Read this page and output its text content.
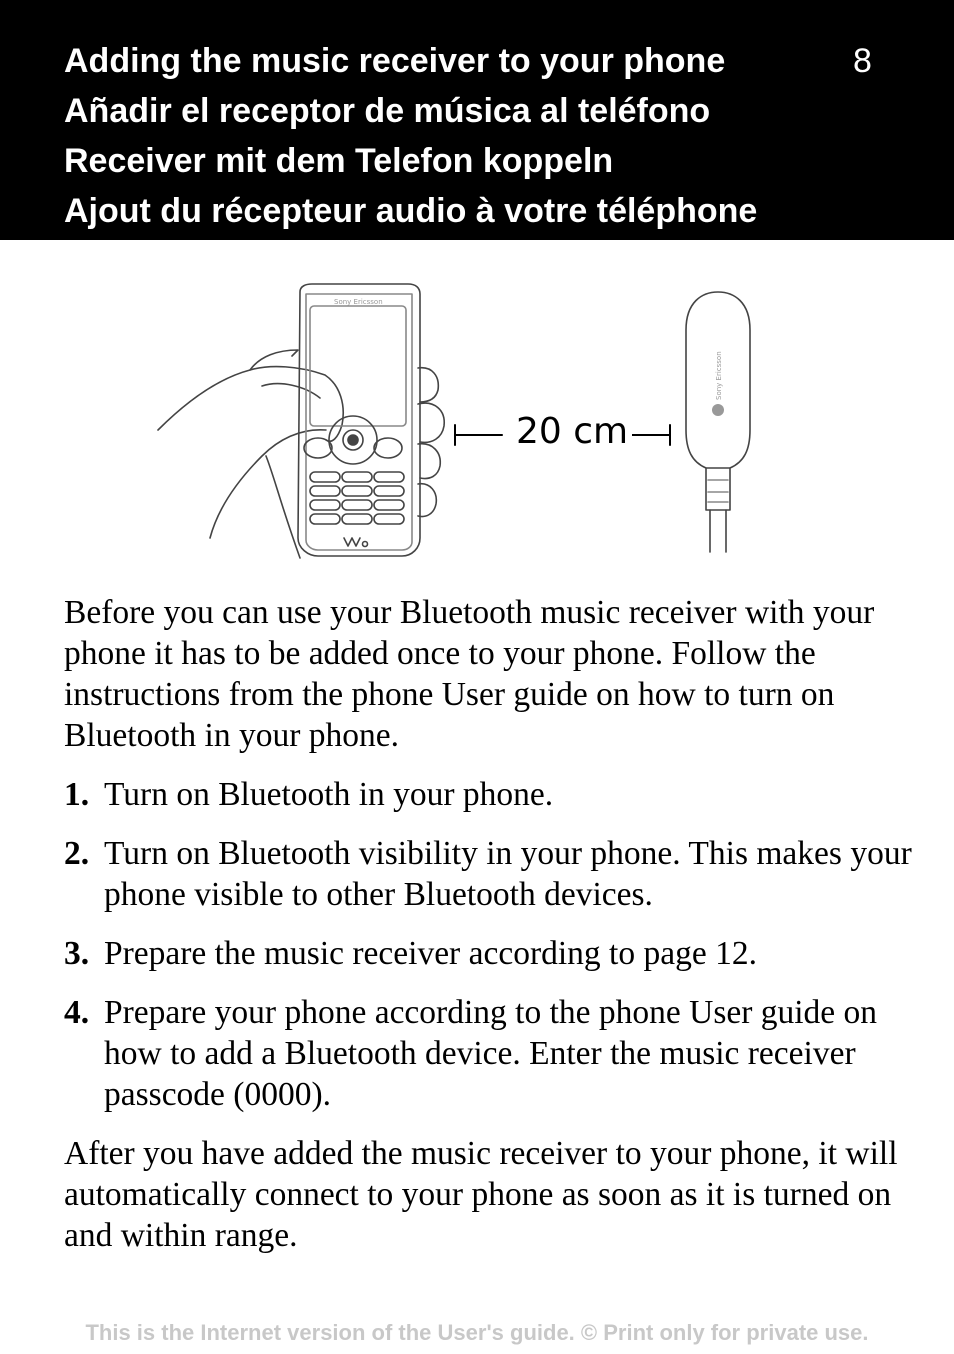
Adding the music receiver to your phone
Añadir el receptor de música al teléfono
Receiver mit dem Telefon koppeln
Ajout du récepteur audio à votre téléphone
8
Sony Ericsson
Sony Ericsson
20 cm

Before you can use your Bluetooth music receiver with your phone it has to be added once to your phone. Follow the instructions from the phone User guide on how to turn on Bluetooth in your phone.

1. Turn on Bluetooth in your phone.
2. Turn on Bluetooth visibility in your phone. This makes your phone visible to other Bluetooth devices.
3. Prepare the music receiver according to page 12.
4. Prepare your phone according to the phone User guide on how to add a Bluetooth device. Enter the music receiver passcode (0000).

After you have added the music receiver to your phone, it will automatically connect to your phone as soon as it is turned on and within range.

This is the Internet version of the User's guide. © Print only for private use.
